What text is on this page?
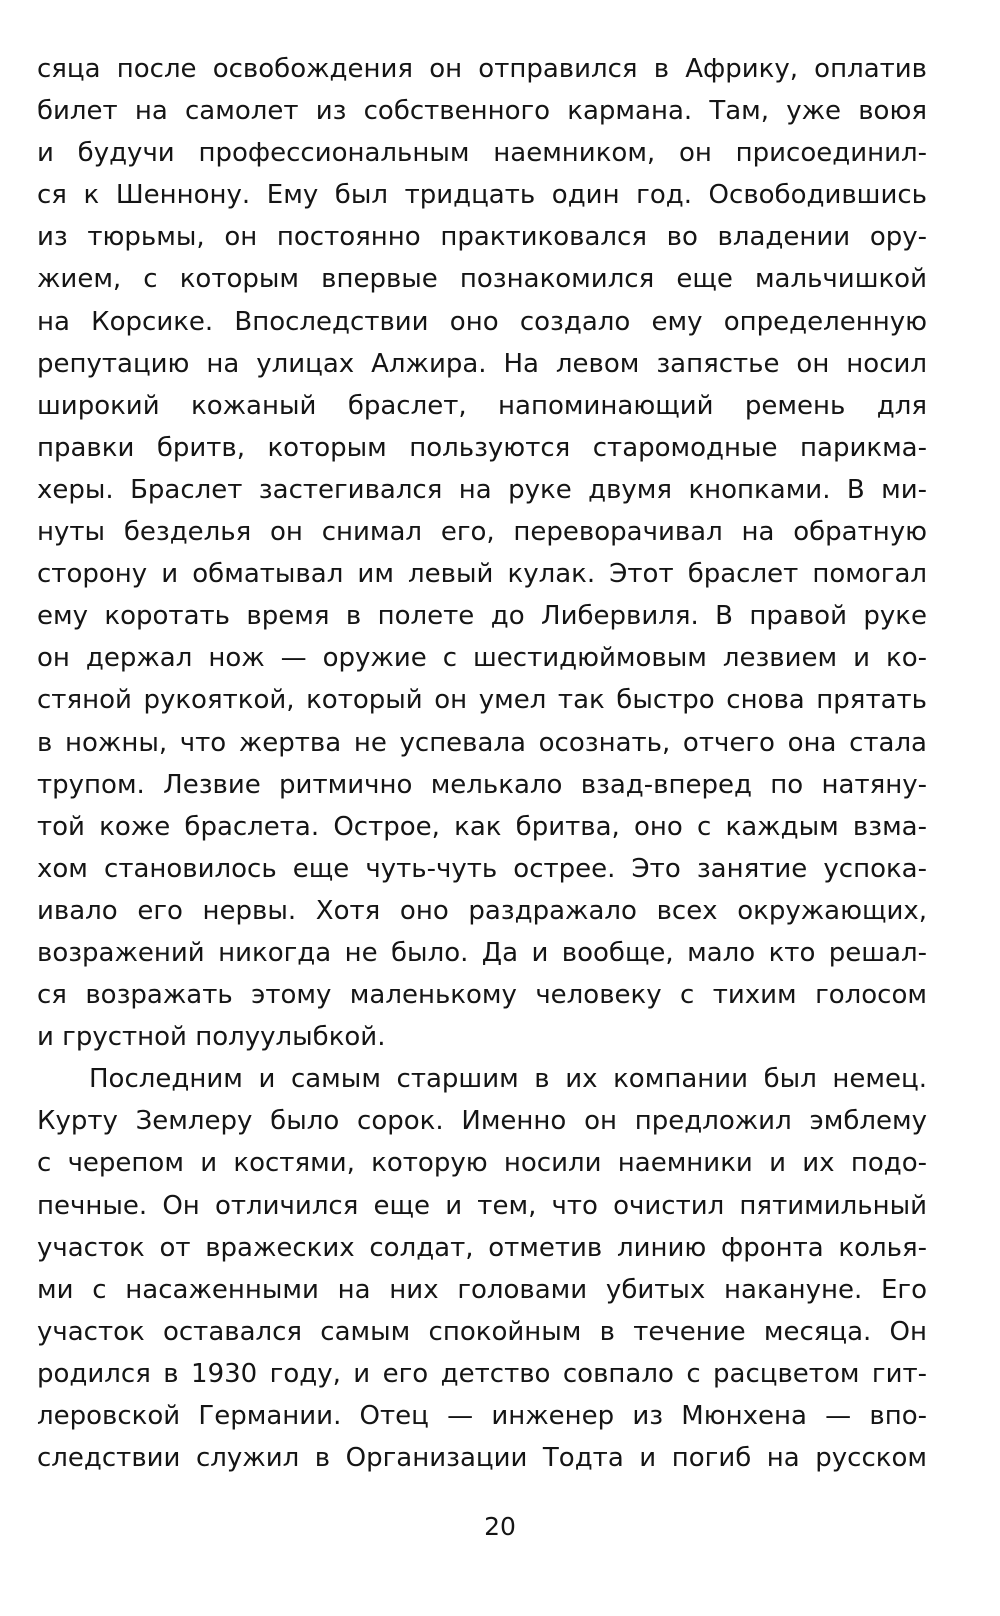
сяца после освобождения он отправился в Африку, оплатив
билет на самолет из собственного кармана. Там, уже воюя
и будучи профессиональным наемником, он присоединил-
ся к Шеннону. Ему был тридцать один год. Освободившись
из тюрьмы, он постоянно практиковался во владении ору-
жием, с которым впервые познакомился еще мальчишкой
на Корсике. Впоследствии оно создало ему определенную
репутацию на улицах Алжира. На левом запястье он носил
широкий кожаный браслет, напоминающий ремень для
правки бритв, которым пользуются старомодные парикма-
херы. Браслет застегивался на руке двумя кнопками. В ми-
нуты безделья он снимал его, переворачивал на обратную
сторону и обматывал им левый кулак. Этот браслет помогал
ему коротать время в полете до Либервиля. В правой руке
он держал нож — оружие с шестидюймовым лезвием и ко-
стяной рукояткой, который он умел так быстро снова прятать
в ножны, что жертва не успевала осознать, отчего она стала
трупом. Лезвие ритмично мелькало взад-вперед по натяну-
той коже браслета. Острое, как бритва, оно с каждым взма-
хом становилось еще чуть-чуть острее. Это занятие успока-
ивало его нервы. Хотя оно раздражало всех окружающих,
возражений никогда не было. Да и вообще, мало кто решал-
ся возражать этому маленькому человеку с тихим голосом
и грустной полуулыбкой.
Последним и самым старшим в их компании был немец.
Курту Землеру было сорок. Именно он предложил эмблему
с черепом и костями, которую носили наемники и их подо-
печные. Он отличился еще и тем, что очистил пятимильный
участок от вражеских солдат, отметив линию фронта колья-
ми с насаженными на них головами убитых накануне. Его
участок оставался самым спокойным в течение месяца. Он
родился в 1930 году, и его детство совпало с расцветом гит-
леровской Германии. Отец — инженер из Мюнхена — впо-
следствии служил в Организации Тодта и погиб на русском
20
